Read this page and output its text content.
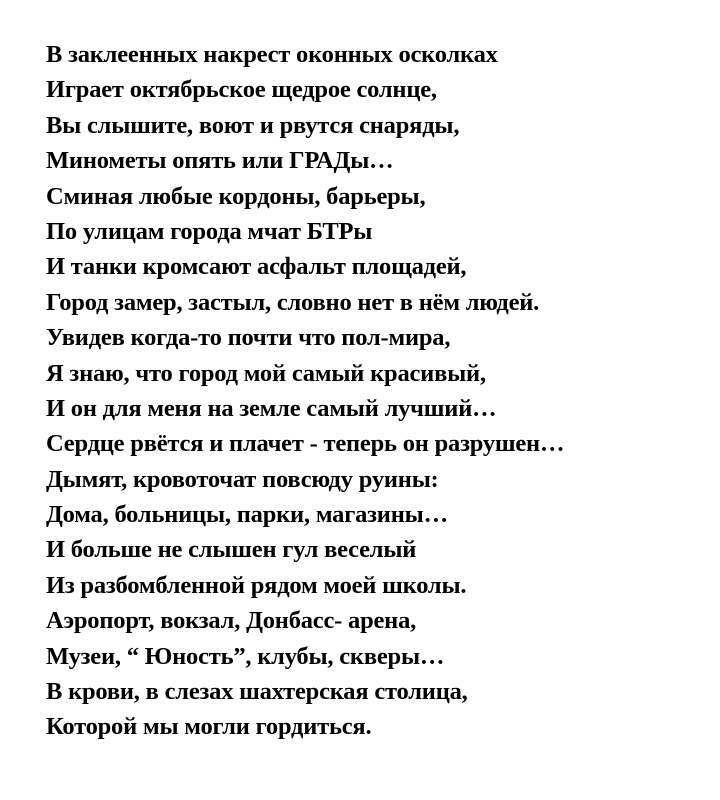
В заклеенных накрест оконных осколках
Играет октябрьское щедрое солнце,
Вы слышите, воют и рвутся снаряды,
Минометы опять или ГРАДы…
Сминая любые кордоны, барьеры,
По улицам города мчат БТРы
И танки кромсают асфальт площадей,
Город замер, застыл, словно нет в нём людей.
Увидев когда-то почти что пол-мира,
Я знаю, что город мой самый красивый,
И он для меня на земле самый лучший…
Сердце рвётся и плачет - теперь он разрушен…
Дымят, кровоточат повсюду руины:
Дома, больницы, парки, магазины…
И больше не слышен гул веселый
Из разбомбленной рядом моей школы.
Аэропорт, вокзал, Донбасс- арена,
Музеи, “ Юность”, клубы, скверы…
В крови, в слезах шахтерская столица,
Которой мы могли гордиться.
